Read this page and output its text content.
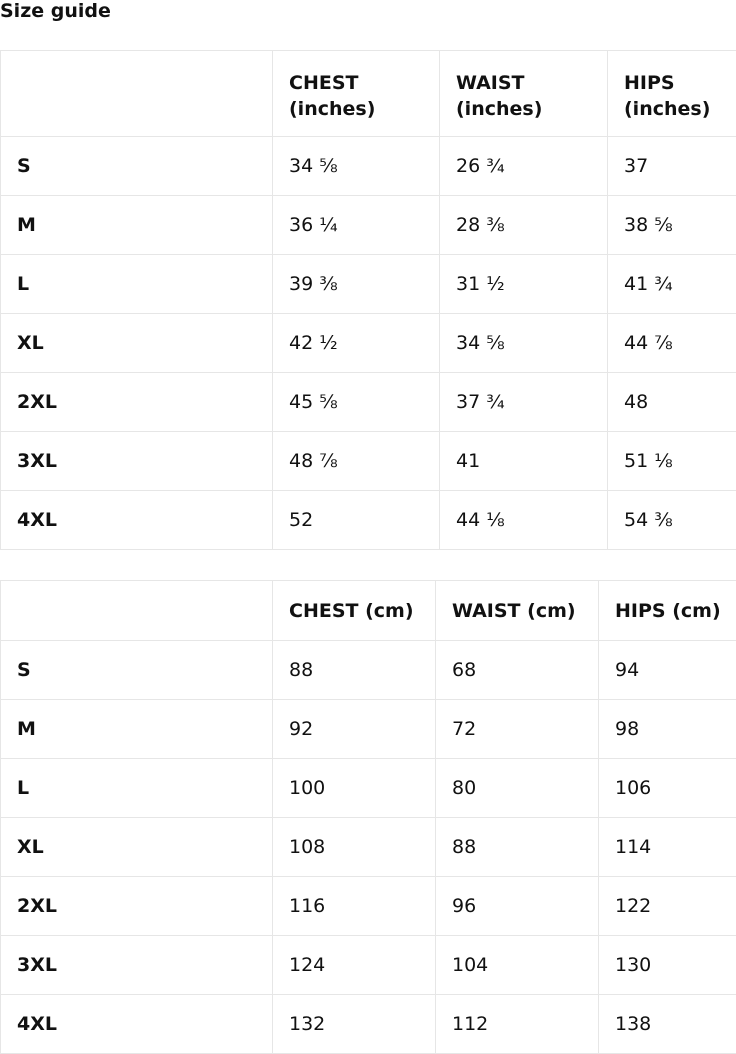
Size guide

	CHEST (inches)	WAIST (inches)	HIPS (inches)

S	34 ⅝	26 ¾	37
M	36 ¼	28 ⅜	38 ⅝
L	39 ⅜	31 ½	41 ¾
XL	42 ½	34 ⅝	44 ⅞
2XL	45 ⅝	37 ¾	48
3XL	48 ⅞	41	51 ⅛
4XL	52	44 ⅛	54 ⅜
	CHEST (cm)	WAIST (cm)	HIPS (cm)
S	88	68	94
M	92	72	98
L	100	80	106
XL	108	88	114
2XL	116	96	122
3XL	124	104	130
4XL	132	112	138
